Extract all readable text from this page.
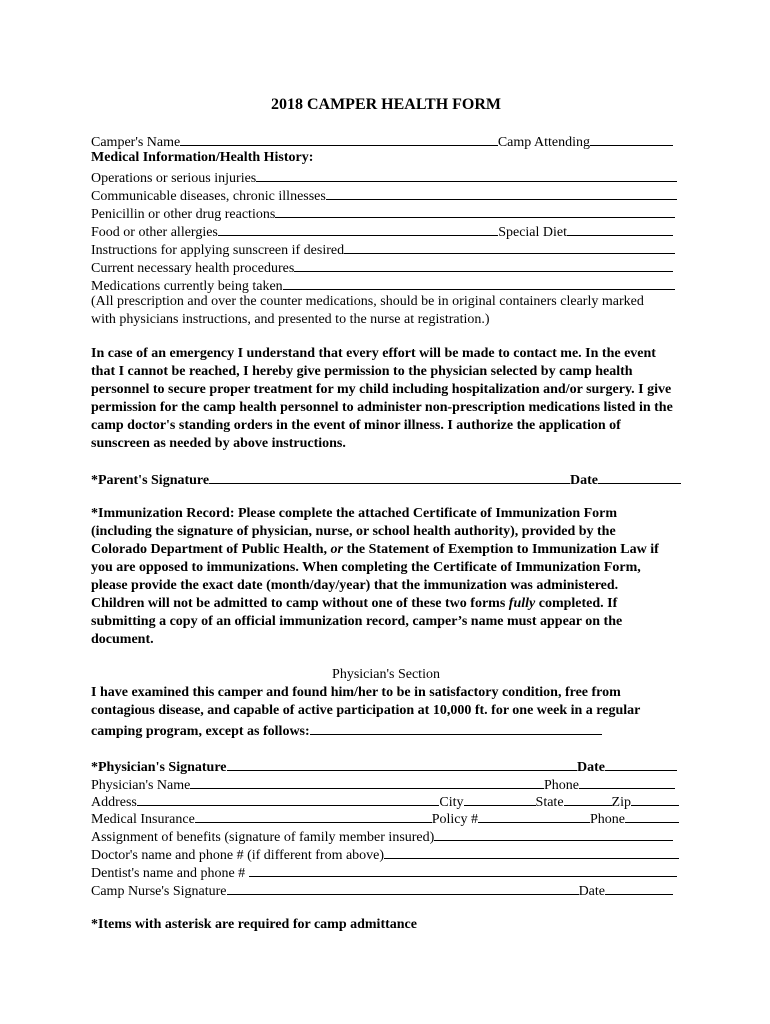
2018 CAMPER HEALTH FORM
Camper's Name	Camp Attending
Medical Information/Health History:
Operations or serious injuries
Communicable diseases, chronic illnesses
Penicillin or other drug reactions
Food or other allergies	Special Diet
Instructions for applying sunscreen if desired
Current necessary health procedures
Medications currently being taken
(All prescription and over the counter medications, should be in original containers clearly marked with physicians instructions, and presented to the nurse at registration.)
In case of an emergency I understand that every effort will be made to contact me. In the event that I cannot be reached, I hereby give permission to the physician selected by camp health personnel to secure proper treatment for my child including hospitalization and/or surgery. I give permission for the camp health personnel to administer non-prescription medications listed in the camp doctor's standing orders in the event of minor illness. I authorize the application of sunscreen as needed by above instructions.
*Parent's Signature	Date
*Immunization Record: Please complete the attached Certificate of Immunization Form (including the signature of physician, nurse, or school health authority), provided by the Colorado Department of Public Health, or the Statement of Exemption to Immunization Law if you are opposed to immunizations. When completing the Certificate of Immunization Form, please provide the exact date (month/day/year) that the immunization was administered. Children will not be admitted to camp without one of these two forms fully completed. If submitting a copy of an official immunization record, camper’s name must appear on the document.
Physician's Section
I have examined this camper and found him/her to be in satisfactory condition, free from contagious disease, and capable of active participation at 10,000 ft. for one week in a regular camping program, except as follows:
*Physician's Signature	Date
Physician's Name	Phone
Address	City	State	Zip
Medical Insurance	Policy #	Phone
Assignment of benefits (signature of family member insured)
Doctor's name and phone # (if different from above)
Dentist's name and phone #
Camp Nurse's Signature	Date
*Items with asterisk are required for camp admittance
